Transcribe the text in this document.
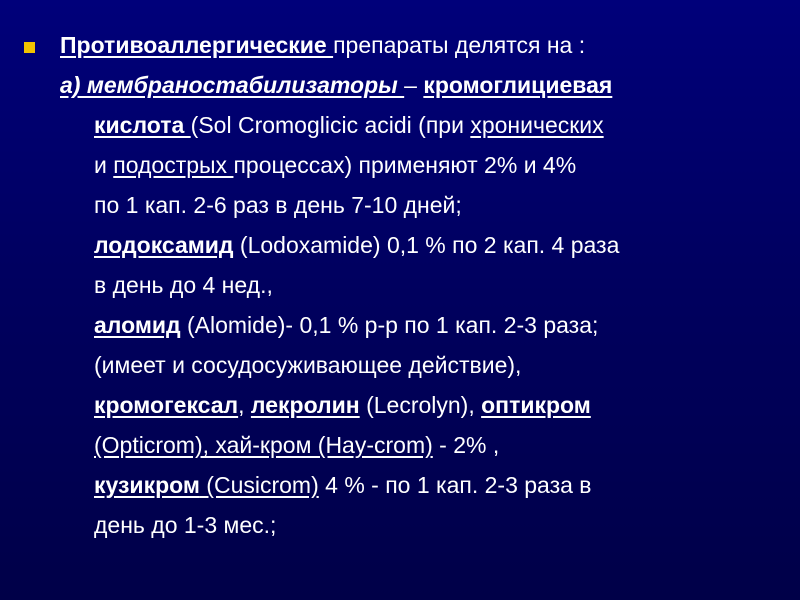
Противоаллергические препараты делятся на :
а) мембраностабилизаторы – кромоглициевая
кислота (Sol Cromoglicic acidi (при хронических
и подострых процессах) применяют 2% и 4%
по 1 кап. 2-6 раз в день 7-10 дней;
лодоксамид (Lodoxamide) 0,1 % по 2 кап. 4 раза
в день до 4 нед.,
аломид (Alomide)- 0,1 % р-р по 1 кап. 2-3 раза;
(имеет и сосудосуживающее действие),
кромогексал, лекролин (Lecrolyn), оптикром
(Opticrom), хай-кром (Hay-crom) - 2% ,
кузикром (Cusicrom) 4 % - по 1 кап. 2-3 раза в
день до 1-3 мес.;
